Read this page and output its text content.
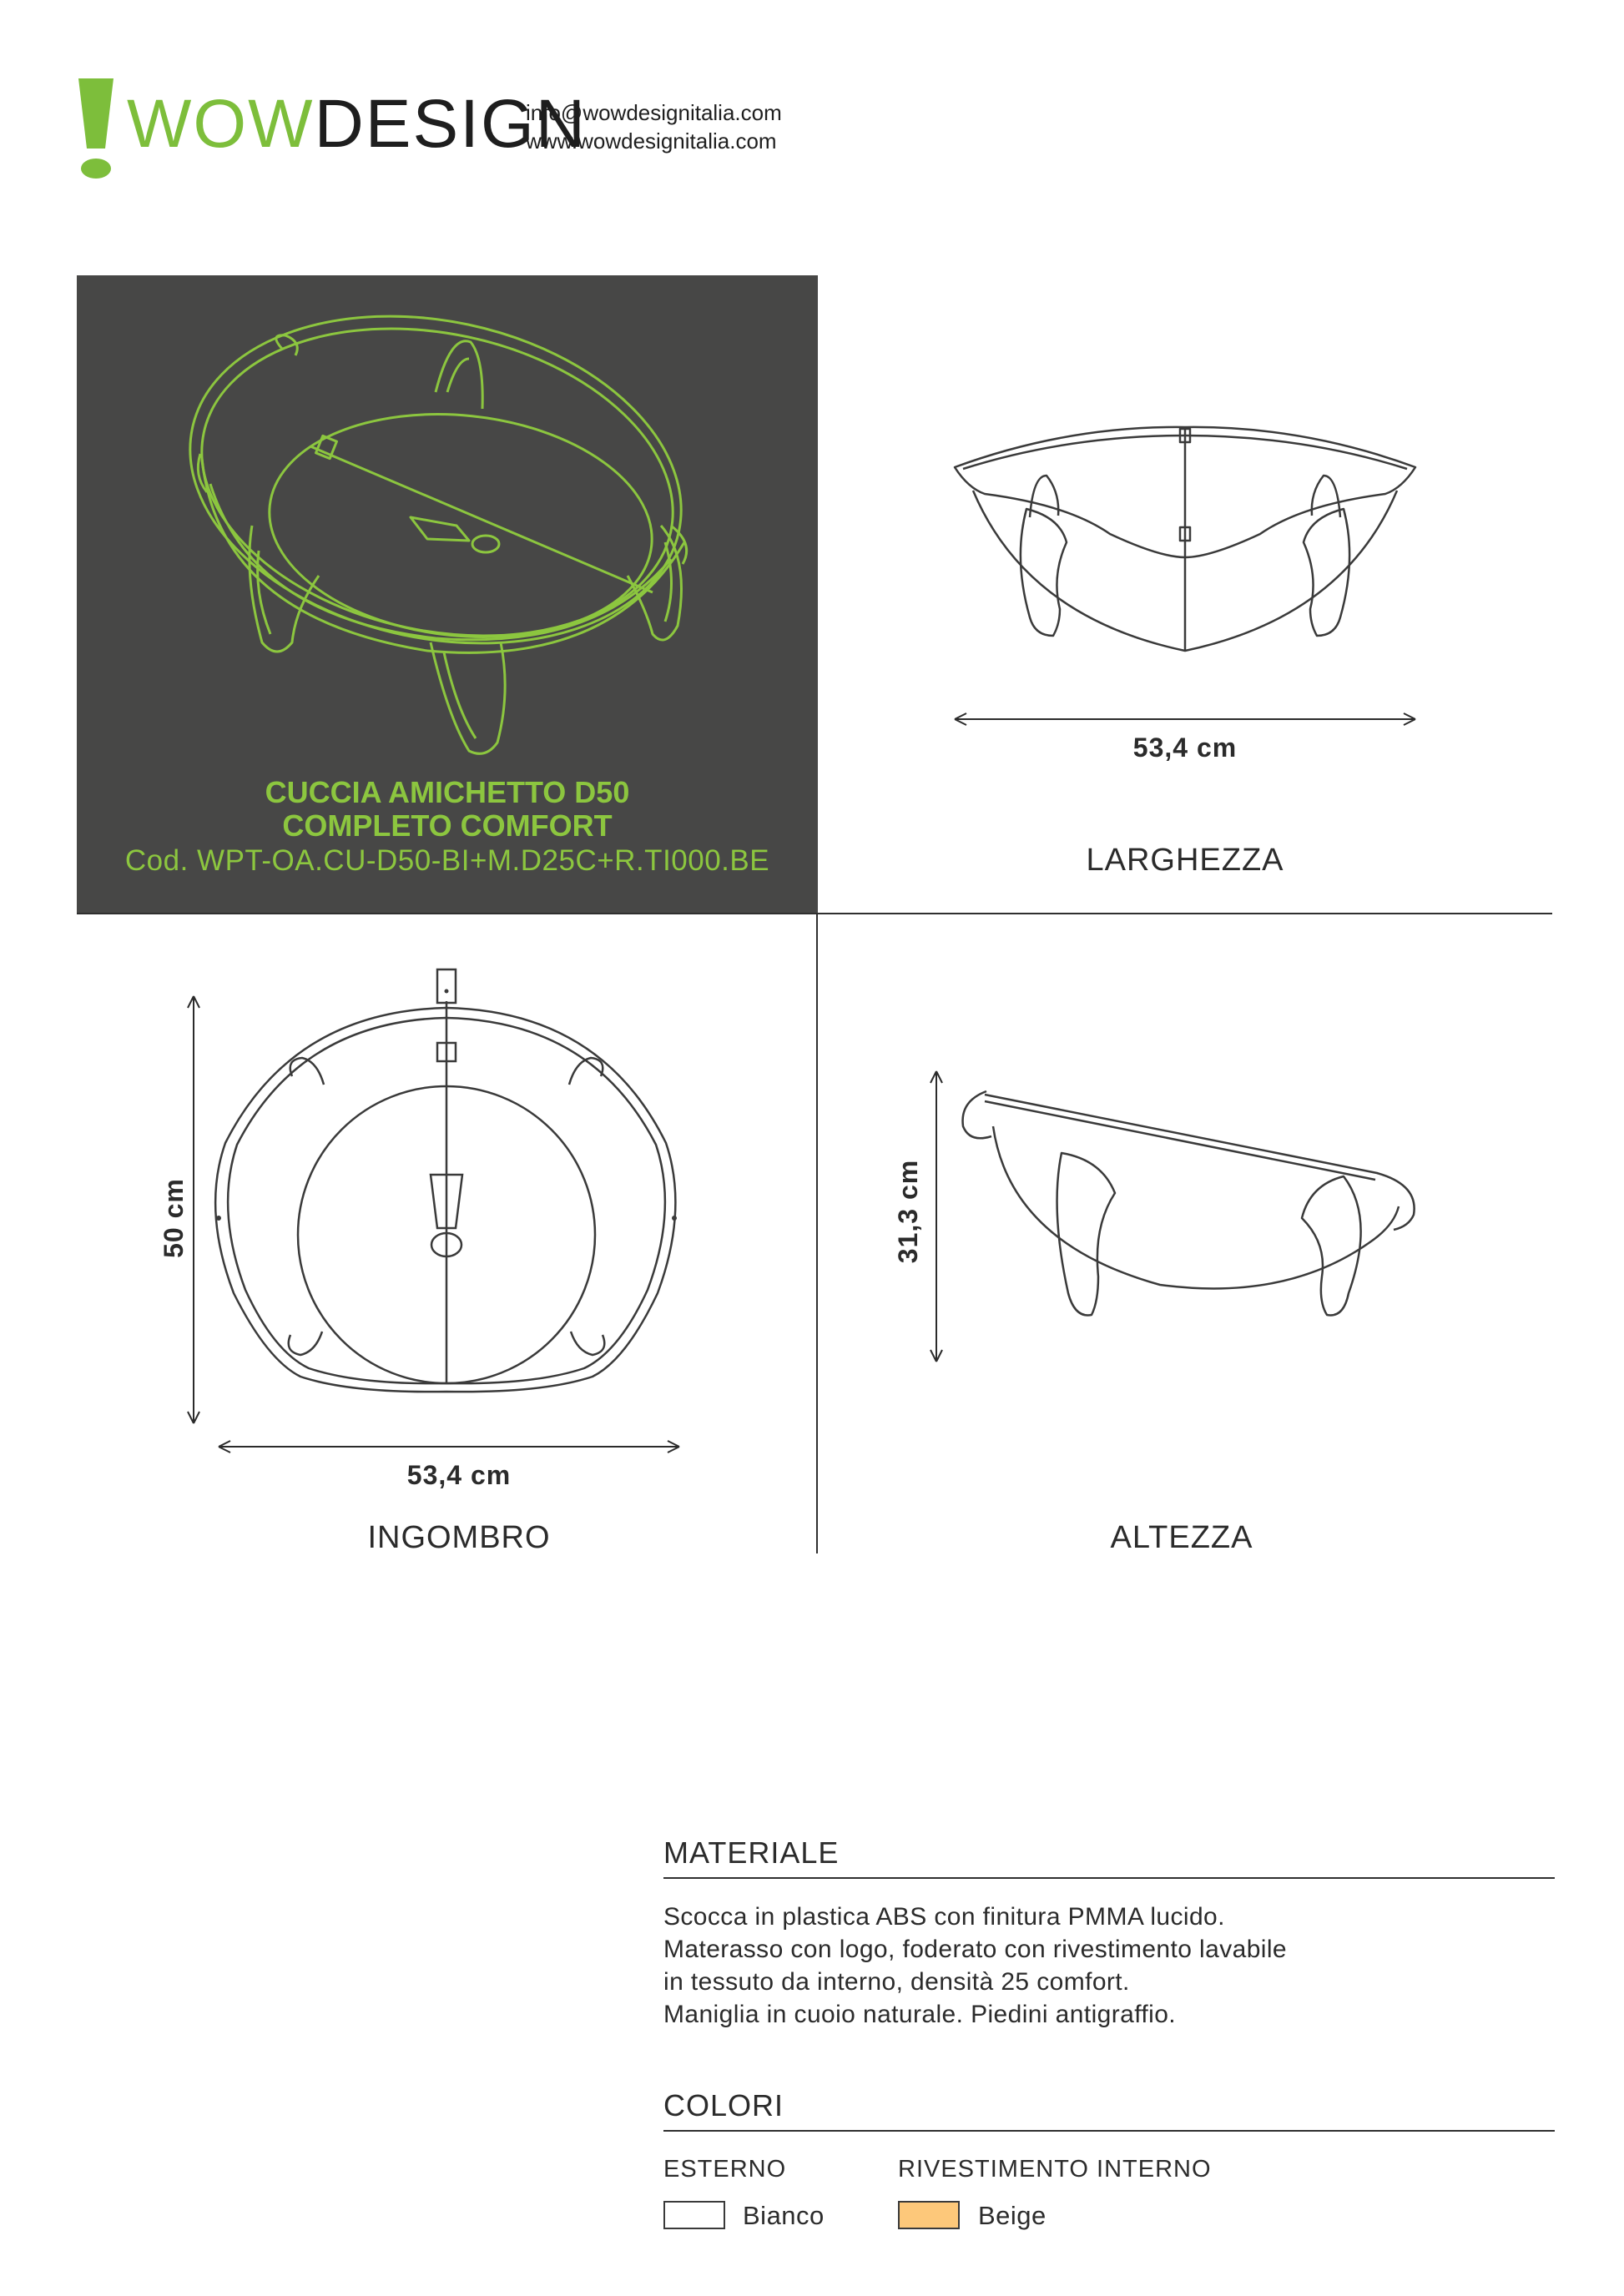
WOWDESIGN
info@wowdesignitalia.com
www.wowdesignitalia.com
CUCCIA AMICHETTO D50
COMPLETO COMFORT
Cod. WPT-OA.CU-D50-BI+M.D25C+R.TI000.BE
53,4 cm
LARGHEZZA
50 cm
53,4 cm
INGOMBRO
31,3 cm
ALTEZZA
MATERIALE
Scocca in plastica ABS con finitura PMMA lucido.
Materasso con logo, foderato con rivestimento lavabile
in tessuto da interno, densità 25 comfort.
Maniglia in cuoio naturale. Piedini antigraffio.
COLORI
ESTERNO
Bianco
RIVESTIMENTO INTERNO
Beige
